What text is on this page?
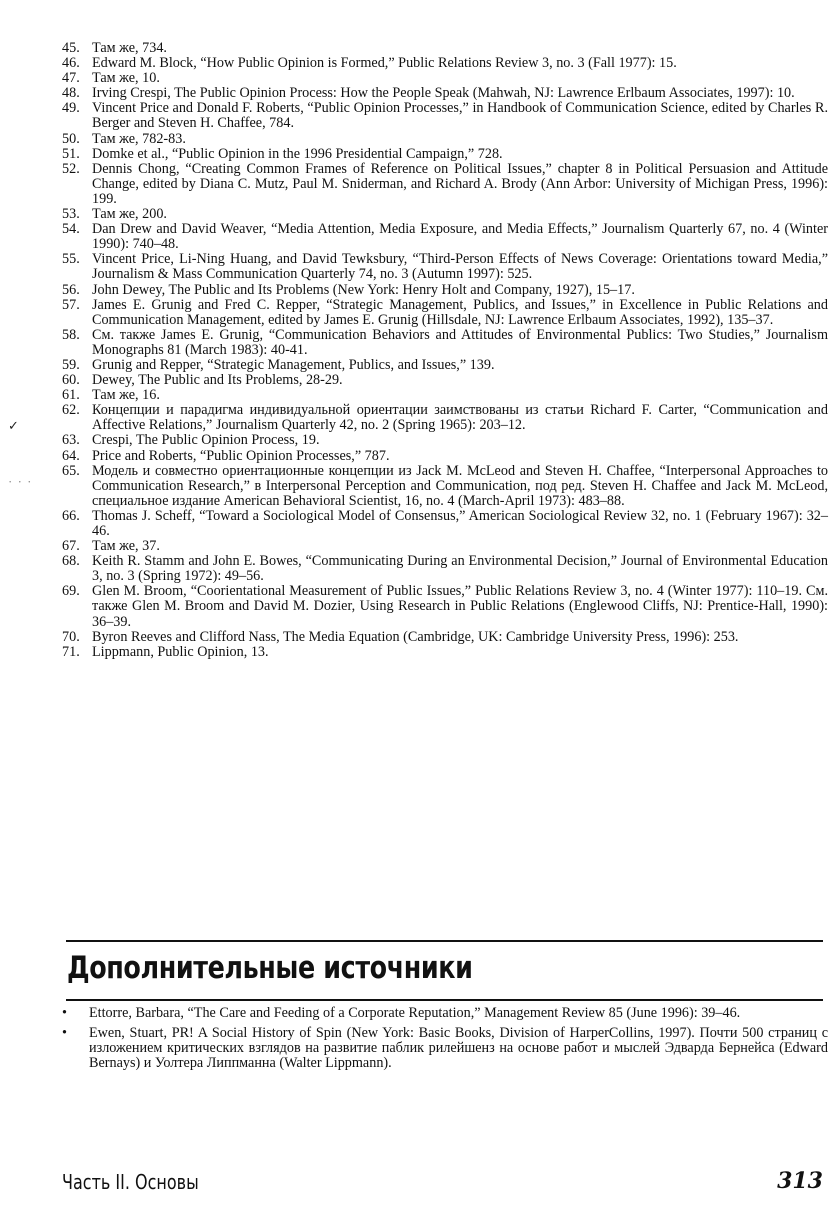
✓
· · ·
45. Там же, 734.
46. Edward M. Block, “How Public Opinion is Formed,” Public Relations Review 3, no. 3 (Fall 1977): 15.
47. Там же, 10.
48. Irving Crespi, The Public Opinion Process: How the People Speak (Mahwah, NJ: Lawrence Erlbaum Associates, 1997): 10.
49. Vincent Price and Donald F. Roberts, “Public Opinion Processes,” in Handbook of Communication Science, edited by Charles R. Berger and Steven H. Chaffee, 784.
50. Там же, 782-83.
51. Domke et al., “Public Opinion in the 1996 Presidential Campaign,” 728.
52. Dennis Chong, “Creating Common Frames of Reference on Political Issues,” chapter 8 in Political Persuasion and Attitude Change, edited by Diana C. Mutz, Paul M. Sniderman, and Richard A. Brody (Ann Arbor: University of Michigan Press, 1996): 199.
53. Там же, 200.
54. Dan Drew and David Weaver, “Media Attention, Media Exposure, and Media Effects,” Journalism Quarterly 67, no. 4 (Winter 1990): 740–48.
55. Vincent Price, Li-Ning Huang, and David Tewksbury, “Third-Person Effects of News Coverage: Orientations toward Media,” Journalism & Mass Communication Quarterly 74, no. 3 (Autumn 1997): 525.
56. John Dewey, The Public and Its Problems (New York: Henry Holt and Company, 1927), 15–17.
57. James E. Grunig and Fred C. Repper, “Strategic Management, Publics, and Issues,” in Excellence in Public Relations and Communication Management, edited by James E. Grunig (Hillsdale, NJ: Lawrence Erlbaum Associates, 1992), 135–37.
58. См. также James E. Grunig, “Communication Behaviors and Attitudes of Environmental Publics: Two Studies,” Journalism Monographs 81 (March 1983): 40-41.
59. Grunig and Repper, “Strategic Management, Publics, and Issues,” 139.
60. Dewey, The Public and Its Problems, 28-29.
61. Там же, 16.
62. Концепции и парадигма индивидуальной ориентации заимствованы из статьи Richard F. Carter, “Communication and Affective Relations,” Journalism Quarterly 42, no. 2 (Spring 1965): 203–12.
63. Crespi, The Public Opinion Process, 19.
64. Price and Roberts, “Public Opinion Processes,” 787.
65. Модель и совместно ориентационные концепции из Jack M. McLeod and Steven H. Chaffee, “Interpersonal Approaches to Communication Research,” в Interpersonal Perception and Communication, под ред. Steven H. Chaffee and Jack M. McLeod, специальное издание American Behavioral Scientist, 16, no. 4 (March-April 1973): 483–88.
66. Thomas J. Scheff, “Toward a Sociological Model of Consensus,” American Sociological Review 32, no. 1 (February 1967): 32–46.
67. Там же, 37.
68. Keith R. Stamm and John E. Bowes, “Communicating During an Environmental Decision,” Journal of Environmental Education 3, no. 3 (Spring 1972): 49–56.
69. Glen M. Broom, “Coorientational Measurement of Public Issues,” Public Relations Review 3, no. 4 (Winter 1977): 110–19. См. также Glen M. Broom and David M. Dozier, Using Research in Public Relations (Englewood Cliffs, NJ: Prentice-Hall, 1990): 36–39.
70. Byron Reeves and Clifford Nass, The Media Equation (Cambridge, UK: Cambridge University Press, 1996): 253.
71. Lippmann, Public Opinion, 13.
Дополнительные источники
• Ettorre, Barbara, “The Care and Feeding of a Corporate Reputation,” Management Review 85 (June 1996): 39–46.
• Ewen, Stuart, PR! A Social History of Spin (New York: Basic Books, Division of HarperCollins, 1997). Почти 500 страниц с изложением критических взглядов на развитие паблик рилейшенз на основе работ и мыслей Эдварда Бернейса (Edward Bernays) и Уолтера Липпманна (Walter Lippmann).
Часть II. Основы	313
